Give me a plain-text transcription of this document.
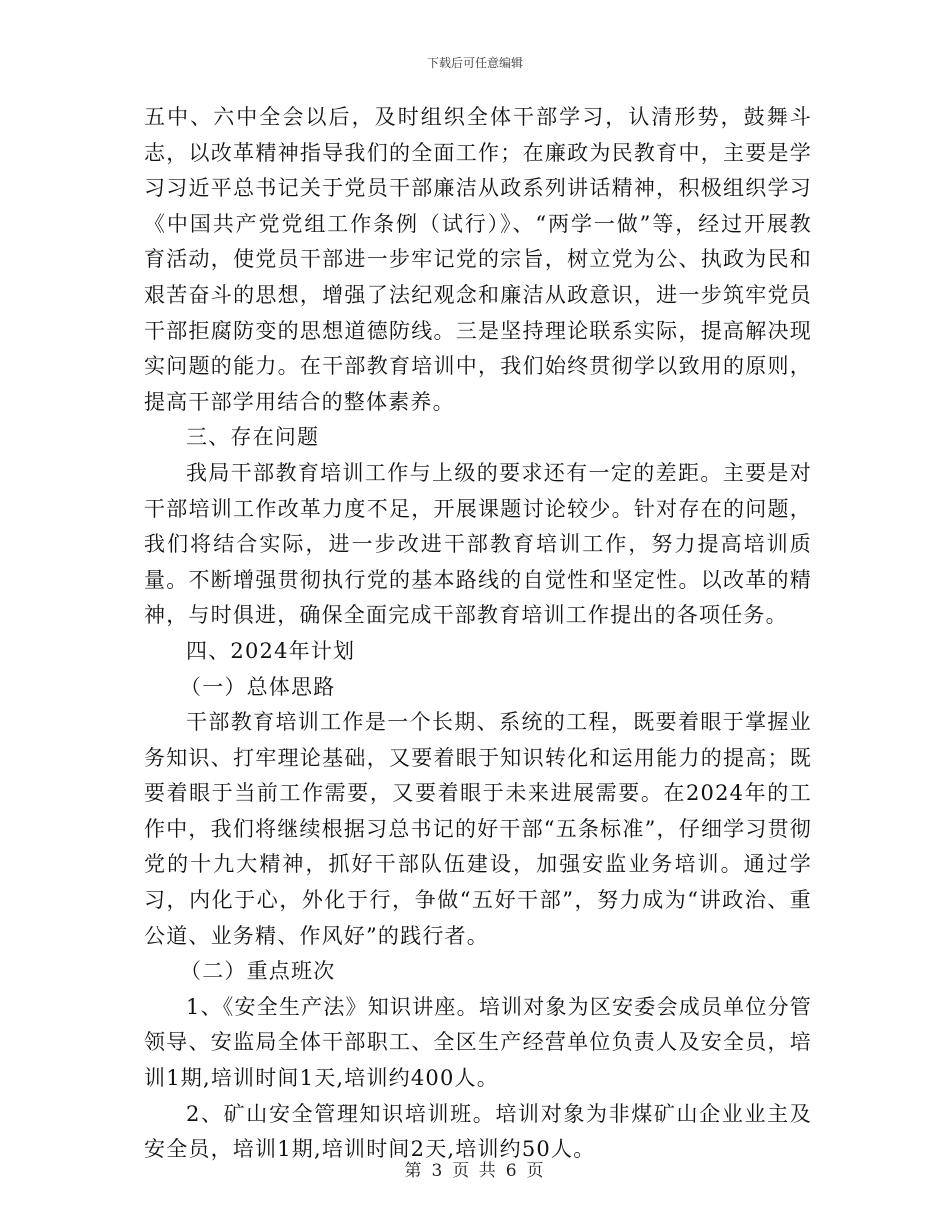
下载后可任意编辑

五中、六中全会以后，及时组织全体干部学习，认清形势，鼓舞斗志，以改革精神指导我们的全面工作；在廉政为民教育中，主要是学习习近平总书记关于党员干部廉洁从政系列讲话精神，积极组织学习《中国共产党党组工作条例（试行）》、“两学一做”等，经过开展教育活动，使党员干部进一步牢记党的宗旨，树立党为公、执政为民和艰苦奋斗的思想，增强了法纪观念和廉洁从政意识，进一步筑牢党员干部拒腐防变的思想道德防线。三是坚持理论联系实际，提高解决现实问题的能力。在干部教育培训中，我们始终贯彻学以致用的原则，提高干部学用结合的整体素养。

三、存在问题

我局干部教育培训工作与上级的要求还有一定的差距。主要是对干部培训工作改革力度不足，开展课题讨论较少。针对存在的问题，我们将结合实际，进一步改进干部教育培训工作，努力提高培训质量。不断增强贯彻执行党的基本路线的自觉性和坚定性。以改革的精神，与时俱进，确保全面完成干部教育培训工作提出的各项任务。

四、2024年计划

（一）总体思路

干部教育培训工作是一个长期、系统的工程，既要着眼于掌握业务知识、打牢理论基础，又要着眼于知识转化和运用能力的提高；既要着眼于当前工作需要，又要着眼于未来进展需要。在2024年的工作中，我们将继续根据习总书记的好干部“五条标准”，仔细学习贯彻党的十九大精神，抓好干部队伍建设，加强安监业务培训。通过学习，内化于心，外化于行，争做“五好干部”，努力成为“讲政治、重公道、业务精、作风好”的践行者。

（二）重点班次

1、《安全生产法》知识讲座。培训对象为区安委会成员单位分管领导、安监局全体干部职工、全区生产经营单位负责人及安全员，培训1期,培训时间1天,培训约400人。

2、矿山安全管理知识培训班。培训对象为非煤矿山企业业主及安全员，培训1期,培训时间2天,培训约50人。

第 3 页 共 6 页
